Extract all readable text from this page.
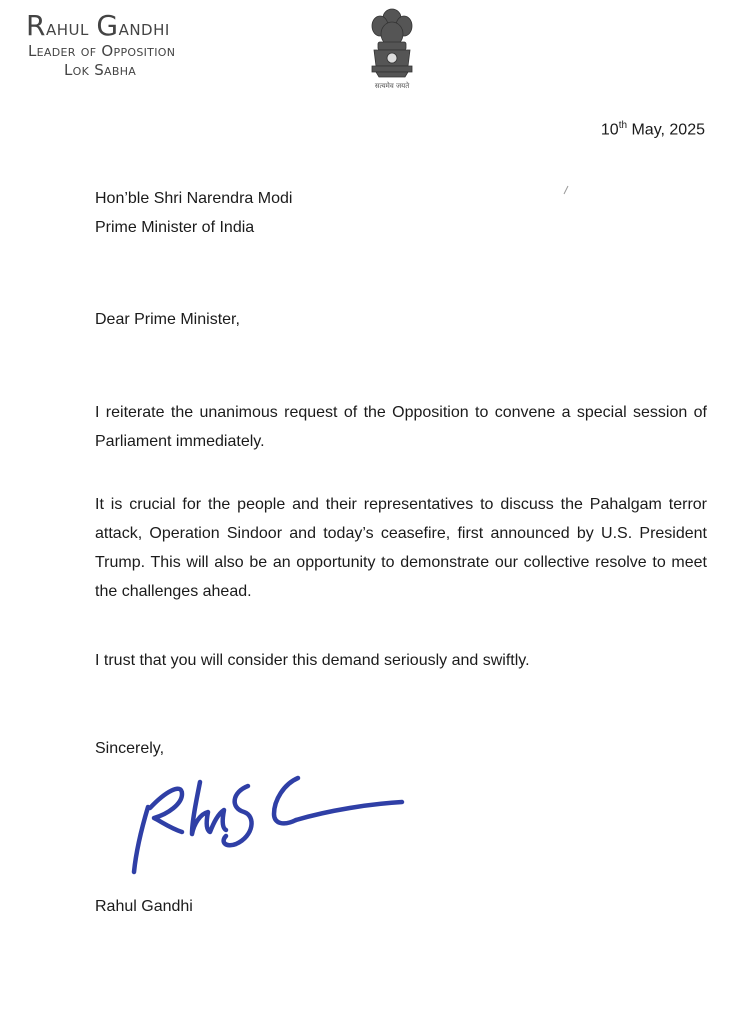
Rahul Gandhi
Leader of Opposition
Lok Sabha
सत्यमेव जयते
10th May, 2025
Hon’ble Shri Narendra Modi
Prime Minister of India
Dear Prime Minister,

I reiterate the unanimous request of the Opposition to convene a special session of Parliament immediately.

It is crucial for the people and their representatives to discuss the Pahalgam terror attack, Operation Sindoor and today’s ceasefire, first announced by U.S. President Trump. This will also be an opportunity to demonstrate our collective resolve to meet the challenges ahead.

I trust that you will consider this demand seriously and swiftly.

Sincerely,
Rahul Gandhi
